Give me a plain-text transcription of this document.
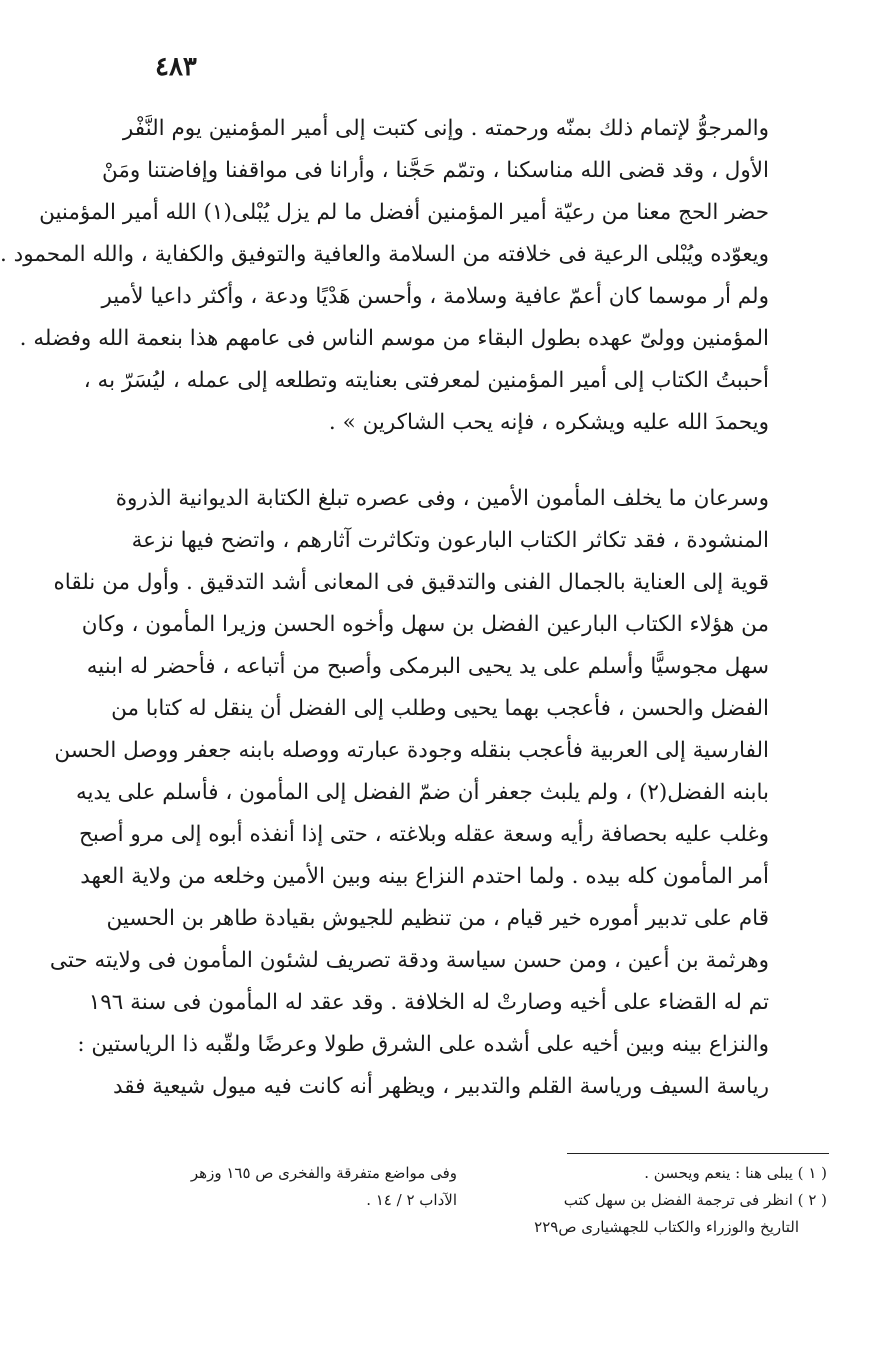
٤٨٣
والمرجوُّ لإتمام ذلك بمنّه ورحمته . وإنى كتبت إلى أمير المؤمنين يوم النَّفْر
الأول ، وقد قضى الله مناسكنا ، وتمّم حَجَّنا ، وأرانا فى مواقفنا وإفاضتنا ومَنْ
حضر الحج معنا من رعيّة أمير المؤمنين أفضل ما لم يزل يُبْلى(١) الله أمير المؤمنين
ويعوّده ويُبْلى الرعية فى خلافته من السلامة والعافية والتوفيق والكفاية ، والله المحمود .
ولم أر موسما كان أعمّ عافية وسلامة ، وأحسن هَدْيًا ودعة ، وأكثر داعيا لأمير
المؤمنين وولىّ عهده بطول البقاء من موسم الناس فى عامهم هذا بنعمة الله وفضله .
أحببتُ الكتاب إلى أمير المؤمنين لمعرفتى بعنايته وتطلعه إلى عمله ، ليُسَرّ به ،
ويحمدَ الله عليه ويشكره ، فإنه يحب الشاكرين » .
وسرعان ما يخلف المأمون الأمين ، وفى عصره تبلغ الكتابة الديوانية الذروة
المنشودة ، فقد تكاثر الكتاب البارعون وتكاثرت آثارهم ، واتضح فيها نزعة
قوية إلى العناية بالجمال الفنى والتدقيق فى المعانى أشد التدقيق . وأول من نلقاه
من هؤلاء الكتاب البارعين الفضل بن سهل وأخوه الحسن وزيرا المأمون ، وكان
سهل مجوسيًّا وأسلم على يد يحيى البرمكى وأصبح من أتباعه ، فأحضر له ابنيه
الفضل والحسن ، فأعجب بهما يحيى وطلب إلى الفضل أن ينقل له كتابا من
الفارسية إلى العربية فأعجب بنقله وجودة عبارته ووصله بابنه جعفر ووصل الحسن
بابنه الفضل(٢) ، ولم يلبث جعفر أن ضمّ الفضل إلى المأمون ، فأسلم على يديه
وغلب عليه بحصافة رأيه وسعة عقله وبلاغته ، حتى إذا أنفذه أبوه إلى مرو أصبح
أمر المأمون كله بيده . ولما احتدم النزاع بينه وبين الأمين وخلعه من ولاية العهد
قام على تدبير أموره خير قيام ، من تنظيم للجيوش بقيادة طاهر بن الحسين
وهرثمة بن أعين ، ومن حسن سياسة ودقة تصريف لشئون المأمون فى ولايته حتى
تم له القضاء على أخيه وصارتْ له الخلافة . وقد عقد له المأمون فى سنة ١٩٦
والنزاع بينه وبين أخيه على أشده على الشرق طولا وعرضًا ولقّبه ذا الرياستين :
رياسة السيف ورياسة القلم والتدبير ، ويظهر أنه كانت فيه ميول شيعية فقد
( ١ ) يبلى هنا : ينعم ويحسن .
( ٢ ) انظر فى ترجمة الفضل بن سهل كتب
التاريخ والوزراء والكتاب للجهشيارى ص٢٢٩
وفى مواضع متفرقة والفخرى ص ١٦٥ وزهر
الآداب ٢ / ١٤ .
